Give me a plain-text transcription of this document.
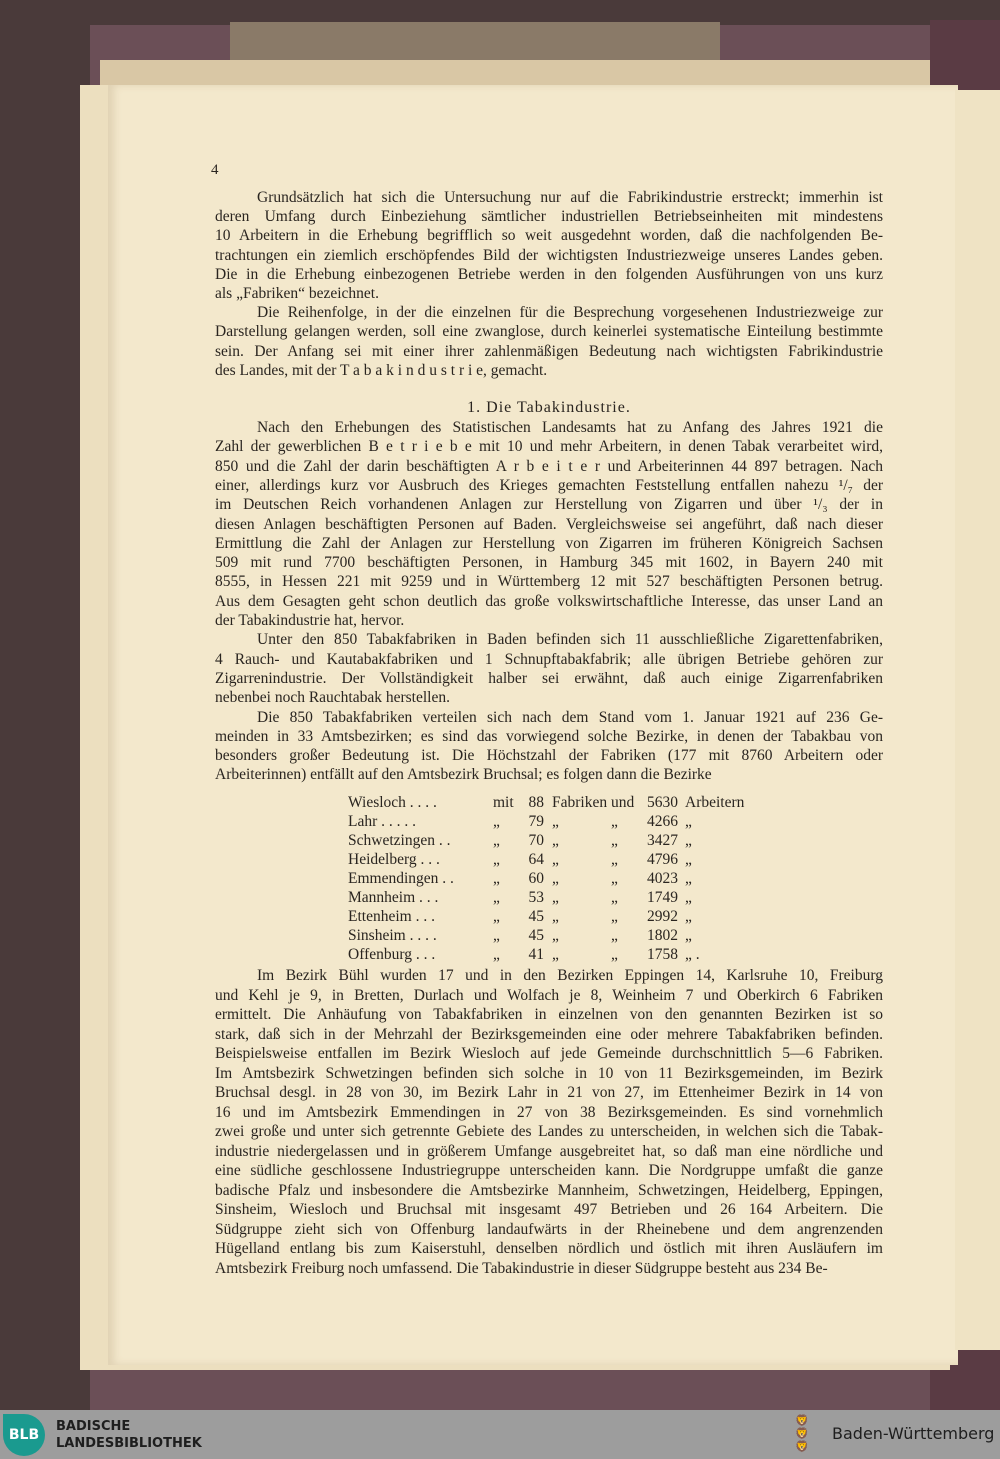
4
Grundsätzlich hat sich die Untersuchung nur auf die Fabrikindustrie erstreckt; immerhin ist
deren Umfang durch Einbeziehung sämtlicher industriellen Betriebseinheiten mit mindestens
10 Arbeitern in die Erhebung begrifflich so weit ausgedehnt worden, daß die nachfolgenden Be-
trachtungen ein ziemlich erschöpfendes Bild der wichtigsten Industriezweige unseres Landes geben.
Die in die Erhebung einbezogenen Betriebe werden in den folgenden Ausführungen von uns kurz
als „Fabriken“ bezeichnet.
Die Reihenfolge, in der die einzelnen für die Besprechung vorgesehenen Industriezweige zur
Darstellung gelangen werden, soll eine zwanglose, durch keinerlei systematische Einteilung bestimmte
sein. Der Anfang sei mit einer ihrer zahlenmäßigen Bedeutung nach wichtigsten Fabrikindustrie
des Landes, mit der T a b a k i n d u s t r i e, gemacht.
Nach den Erhebungen des Statistischen Landesamts hat zu Anfang des Jahres 1921 die
Zahl der gewerblichen B e t r i e b e mit 10 und mehr Arbeitern, in denen Tabak verarbeitet wird,
850 und die Zahl der darin beschäftigten A r b e i t e r und Arbeiterinnen 44 897 betragen. Nach
einer, allerdings kurz vor Ausbruch des Krieges gemachten Feststellung entfallen nahezu ¹/₇ der
im Deutschen Reich vorhandenen Anlagen zur Herstellung von Zigarren und über ¹/₃ der in
diesen Anlagen beschäftigten Personen auf Baden. Vergleichsweise sei angeführt, daß nach dieser
Ermittlung die Zahl der Anlagen zur Herstellung von Zigarren im früheren Königreich Sachsen
509 mit rund 7700 beschäftigten Personen, in Hamburg 345 mit 1602, in Bayern 240 mit
8555, in Hessen 221 mit 9259 und in Württemberg 12 mit 527 beschäftigten Personen betrug.
Aus dem Gesagten geht schon deutlich das große volkswirtschaftliche Interesse, das unser Land an
der Tabakindustrie hat, hervor.
Unter den 850 Tabakfabriken in Baden befinden sich 11 ausschließliche Zigarettenfabriken,
4 Rauch- und Kautabakfabriken und 1 Schnupftabakfabrik; alle übrigen Betriebe gehören zur
Zigarrenindustrie. Der Vollständigkeit halber sei erwähnt, daß auch einige Zigarrenfabriken
nebenbei noch Rauchtabak herstellen.
Die 850 Tabakfabriken verteilen sich nach dem Stand vom 1. Januar 1921 auf 236 Ge-
meinden in 33 Amtsbezirken; es sind das vorwiegend solche Bezirke, in denen der Tabakbau von
besonders großer Bedeutung ist. Die Höchstzahl der Fabriken (177 mit 8760 Arbeitern oder
Arbeiterinnen) entfällt auf den Amtsbezirk Bruchsal; es folgen dann die Bezirke
Im Bezirk Bühl wurden 17 und in den Bezirken Eppingen 14, Karlsruhe 10, Freiburg
und Kehl je 9, in Bretten, Durlach und Wolfach je 8, Weinheim 7 und Oberkirch 6 Fabriken
ermittelt. Die Anhäufung von Tabakfabriken in einzelnen von den genannten Bezirken ist so
stark, daß sich in der Mehrzahl der Bezirksgemeinden eine oder mehrere Tabakfabriken befinden.
Beispielsweise entfallen im Bezirk Wiesloch auf jede Gemeinde durchschnittlich 5—6 Fabriken.
Im Amtsbezirk Schwetzingen befinden sich solche in 10 von 11 Bezirksgemeinden, im Bezirk
Bruchsal desgl. in 28 von 30, im Bezirk Lahr in 21 von 27, im Ettenheimer Bezirk in 14 von
16 und im Amtsbezirk Emmendingen in 27 von 38 Bezirksgemeinden. Es sind vornehmlich
zwei große und unter sich getrennte Gebiete des Landes zu unterscheiden, in welchen sich die Tabak-
industrie niedergelassen und in größerem Umfange ausgebreitet hat, so daß man eine nördliche und
eine südliche geschlossene Industriegruppe unterscheiden kann. Die Nordgruppe umfaßt die ganze
badische Pfalz und insbesondere die Amtsbezirke Mannheim, Schwetzingen, Heidelberg, Eppingen,
Sinsheim, Wiesloch und Bruchsal mit insgesamt 497 Betrieben und 26 164 Arbeitern. Die
Südgruppe zieht sich von Offenburg landaufwärts in der Rheinebene und dem angrenzenden
Hügelland entlang bis zum Kaiserstuhl, denselben nördlich und östlich mit ihren Ausläufern im
Amtsbezirk Freiburg noch umfassend. Die Tabakindustrie in dieser Südgruppe besteht aus 234 Be-
1. Die Tabakindustrie.
Wiesloch . . . .	mit 88 Fabriken und 5630 Arbeitern
Lahr . . . . .	„	79 „	„	4266 „
Schwetzingen . .	„	70 „	„	3427 „
Heidelberg . . .	„	64 „	„	4796 „
Emmendingen . .	„	60 „	„	4023 „
Mannheim . . .	„	53 „	„	1749 „
Ettenheim . . .	„	45 „	„	2992 „
Sinsheim . . . .	„	45 „	„	1802 „
Offenburg . . .	„	41 „	„	1758 „ .
BLB
BADISCHE
LANDESBIBLIOTHEK
🦁
🦁
🦁
Baden-Württemberg
